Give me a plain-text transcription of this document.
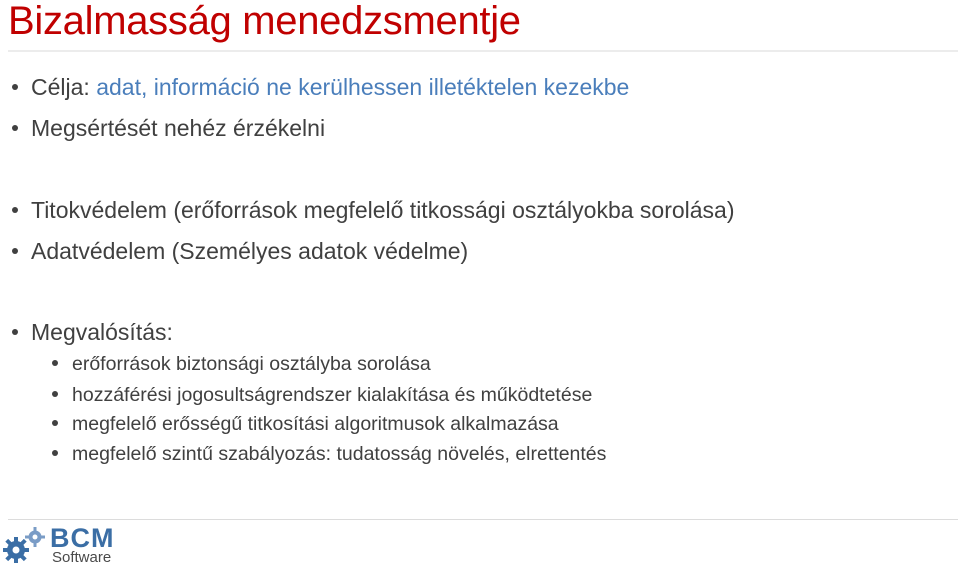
Bizalmasság menedzsmentje
Célja: adat, információ ne kerülhessen illetéktelen kezekbe
Megsértését nehéz érzékelni
Titokvédelem (erőforrások megfelelő titkossági osztályokba sorolása)
Adatvédelem (Személyes adatok védelme)
Megvalósítás:
erőforrások biztonsági osztályba sorolása
hozzáférési jogosultságrendszer kialakítása és működtetése
megfelelő erősségű titkosítási algoritmusok alkalmazása
megfelelő szintű szabályozás: tudatosság növelés, elrettentés
BCM
Software
